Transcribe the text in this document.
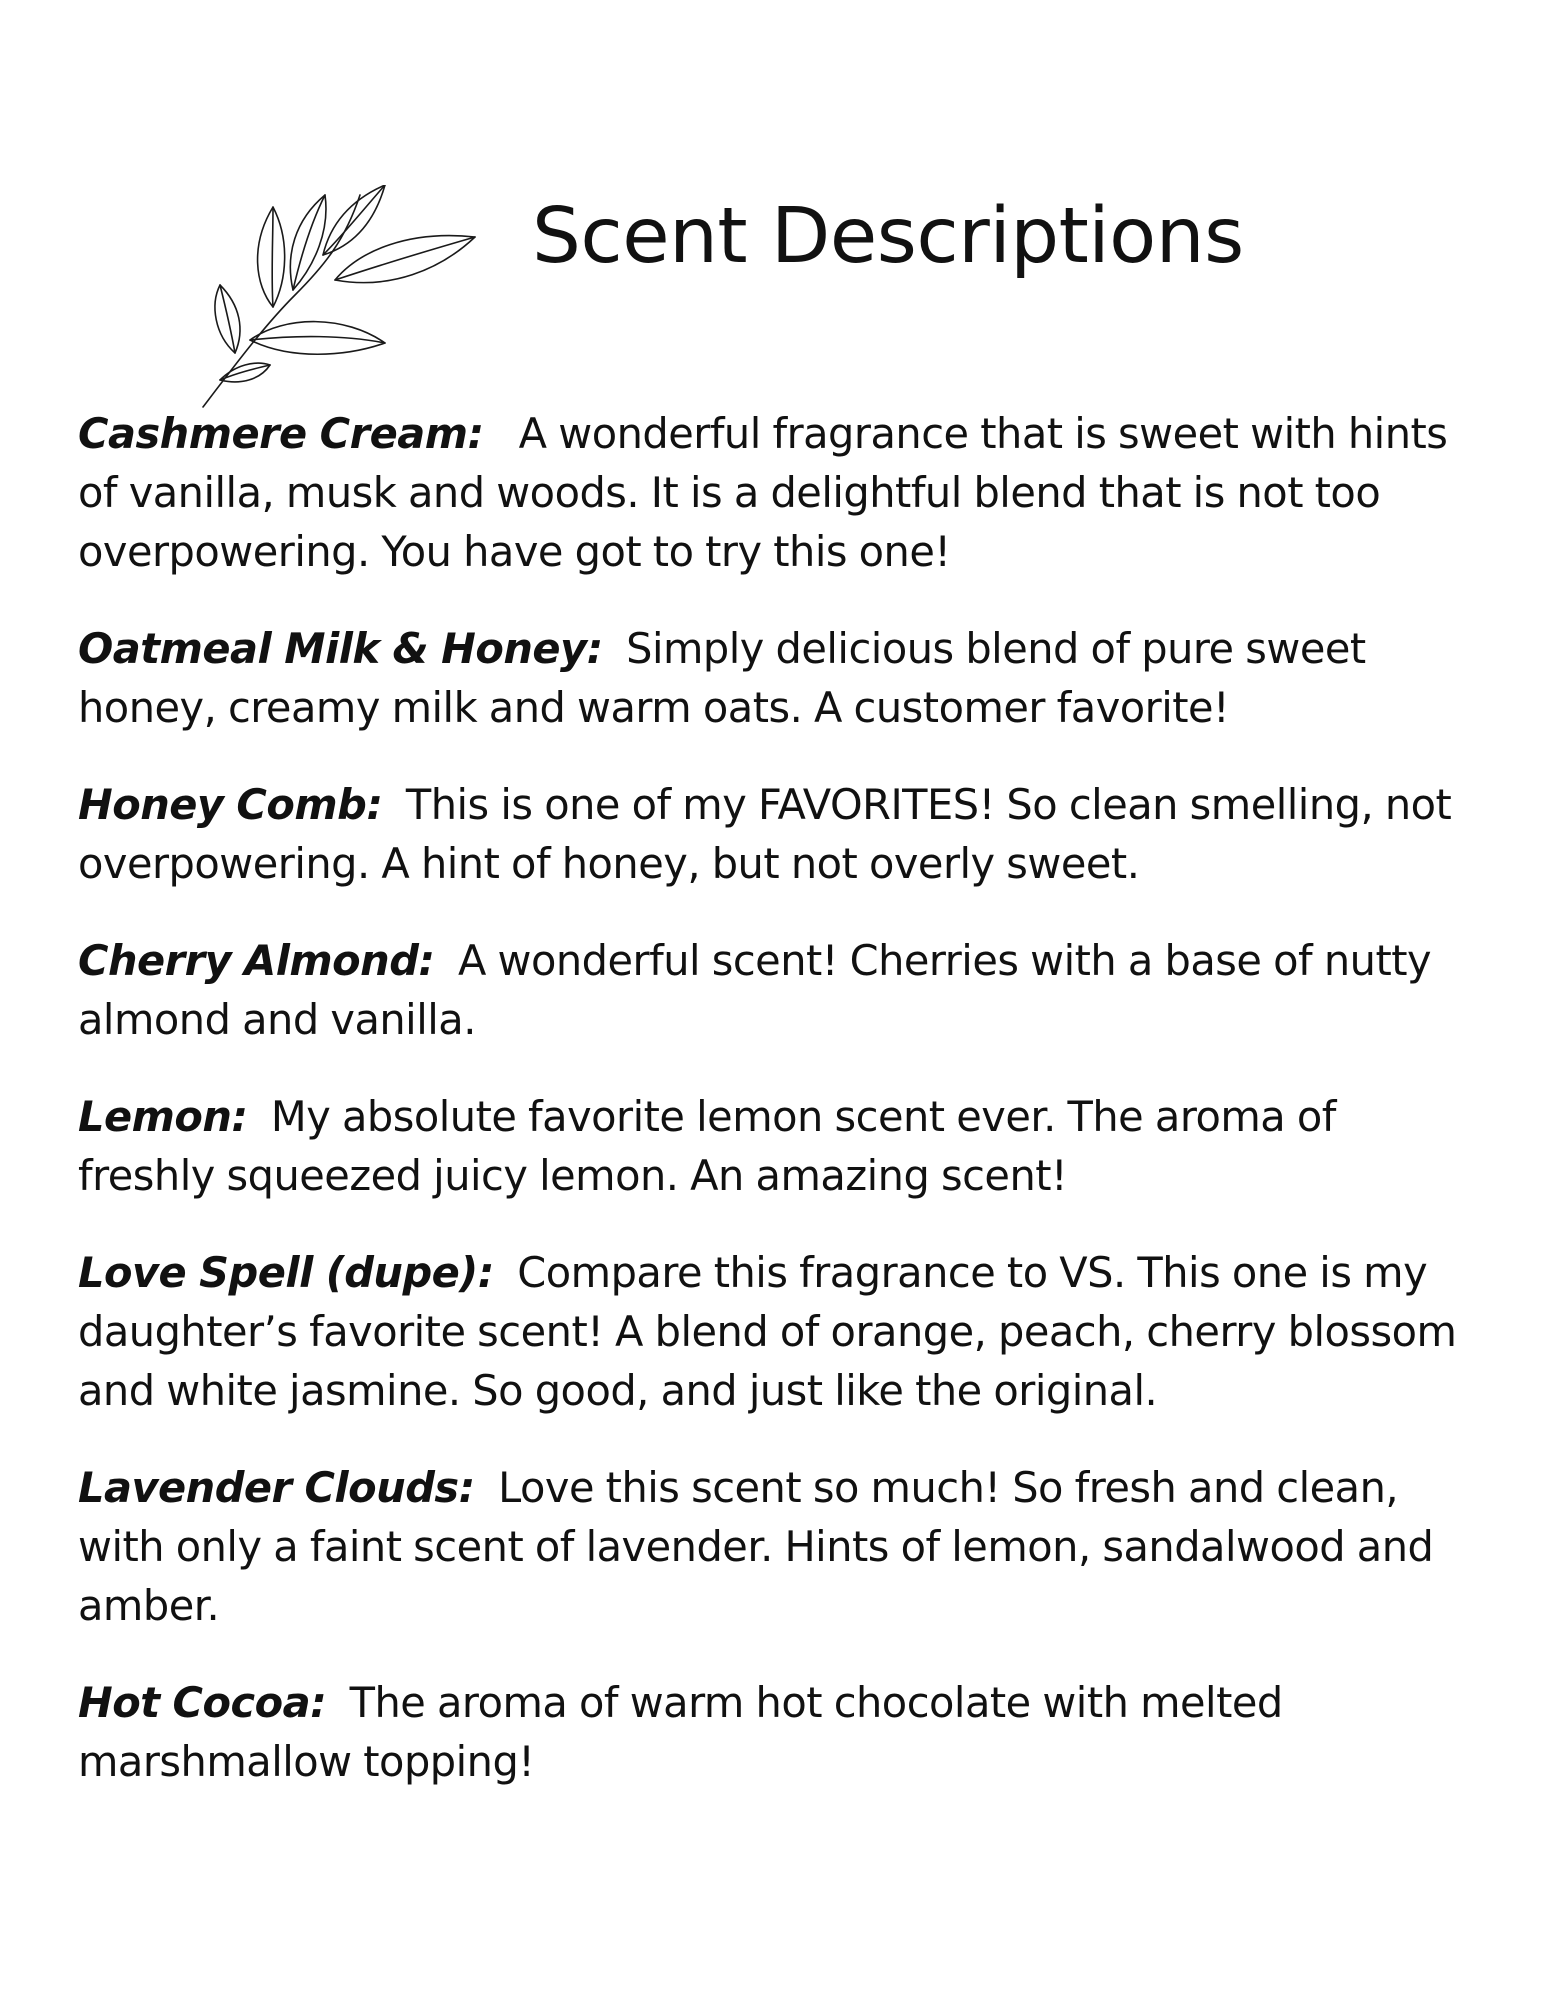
Scent Descriptions

Cashmere Cream: A wonderful fragrance that is sweet with hints of vanilla, musk and woods. It is a delightful blend that is not too overpowering. You have got to try this one!

Oatmeal Milk & Honey: Simply delicious blend of pure sweet honey, creamy milk and warm oats. A customer favorite!

Honey Comb: This is one of my FAVORITES! So clean smelling, not overpowering. A hint of honey, but not overly sweet.

Cherry Almond: A wonderful scent! Cherries with a base of nutty almond and vanilla.

Lemon: My absolute favorite lemon scent ever. The aroma of freshly squeezed juicy lemon. An amazing scent!

Love Spell (dupe): Compare this fragrance to VS. This one is my daughter’s favorite scent! A blend of orange, peach, cherry blossom and white jasmine. So good, and just like the original.

Lavender Clouds: Love this scent so much! So fresh and clean, with only a faint scent of lavender. Hints of lemon, sandalwood and amber.

Hot Cocoa: The aroma of warm hot chocolate with melted marshmallow topping!
